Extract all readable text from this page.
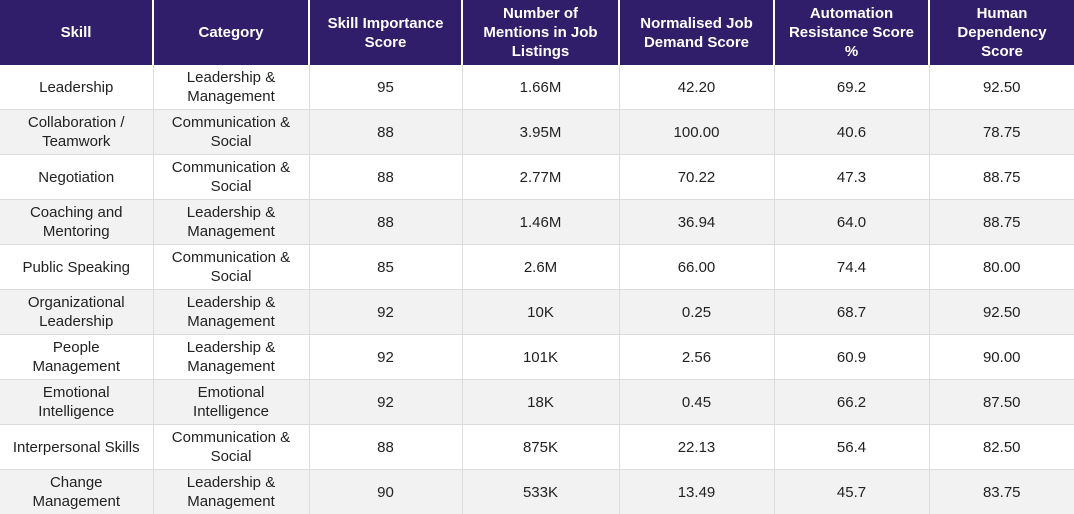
Skill	Category	Skill Importance Score	Number of Mentions in Job Listings	Normalised Job Demand Score	Automation Resistance Score %	Human Dependency Score
Leadership	Leadership & Management	95	1.66M	42.20	69.2	92.50
Collaboration / Teamwork	Communication & Social	88	3.95M	100.00	40.6	78.75
Negotiation	Communication & Social	88	2.77M	70.22	47.3	88.75
Coaching and Mentoring	Leadership & Management	88	1.46M	36.94	64.0	88.75
Public Speaking	Communication & Social	85	2.6M	66.00	74.4	80.00
Organizational Leadership	Leadership & Management	92	10K	0.25	68.7	92.50
People Management	Leadership & Management	92	101K	2.56	60.9	90.00
Emotional Intelligence	Emotional Intelligence	92	18K	0.45	66.2	87.50
Interpersonal Skills	Communication & Social	88	875K	22.13	56.4	82.50
Change Management	Leadership & Management	90	533K	13.49	45.7	83.75
